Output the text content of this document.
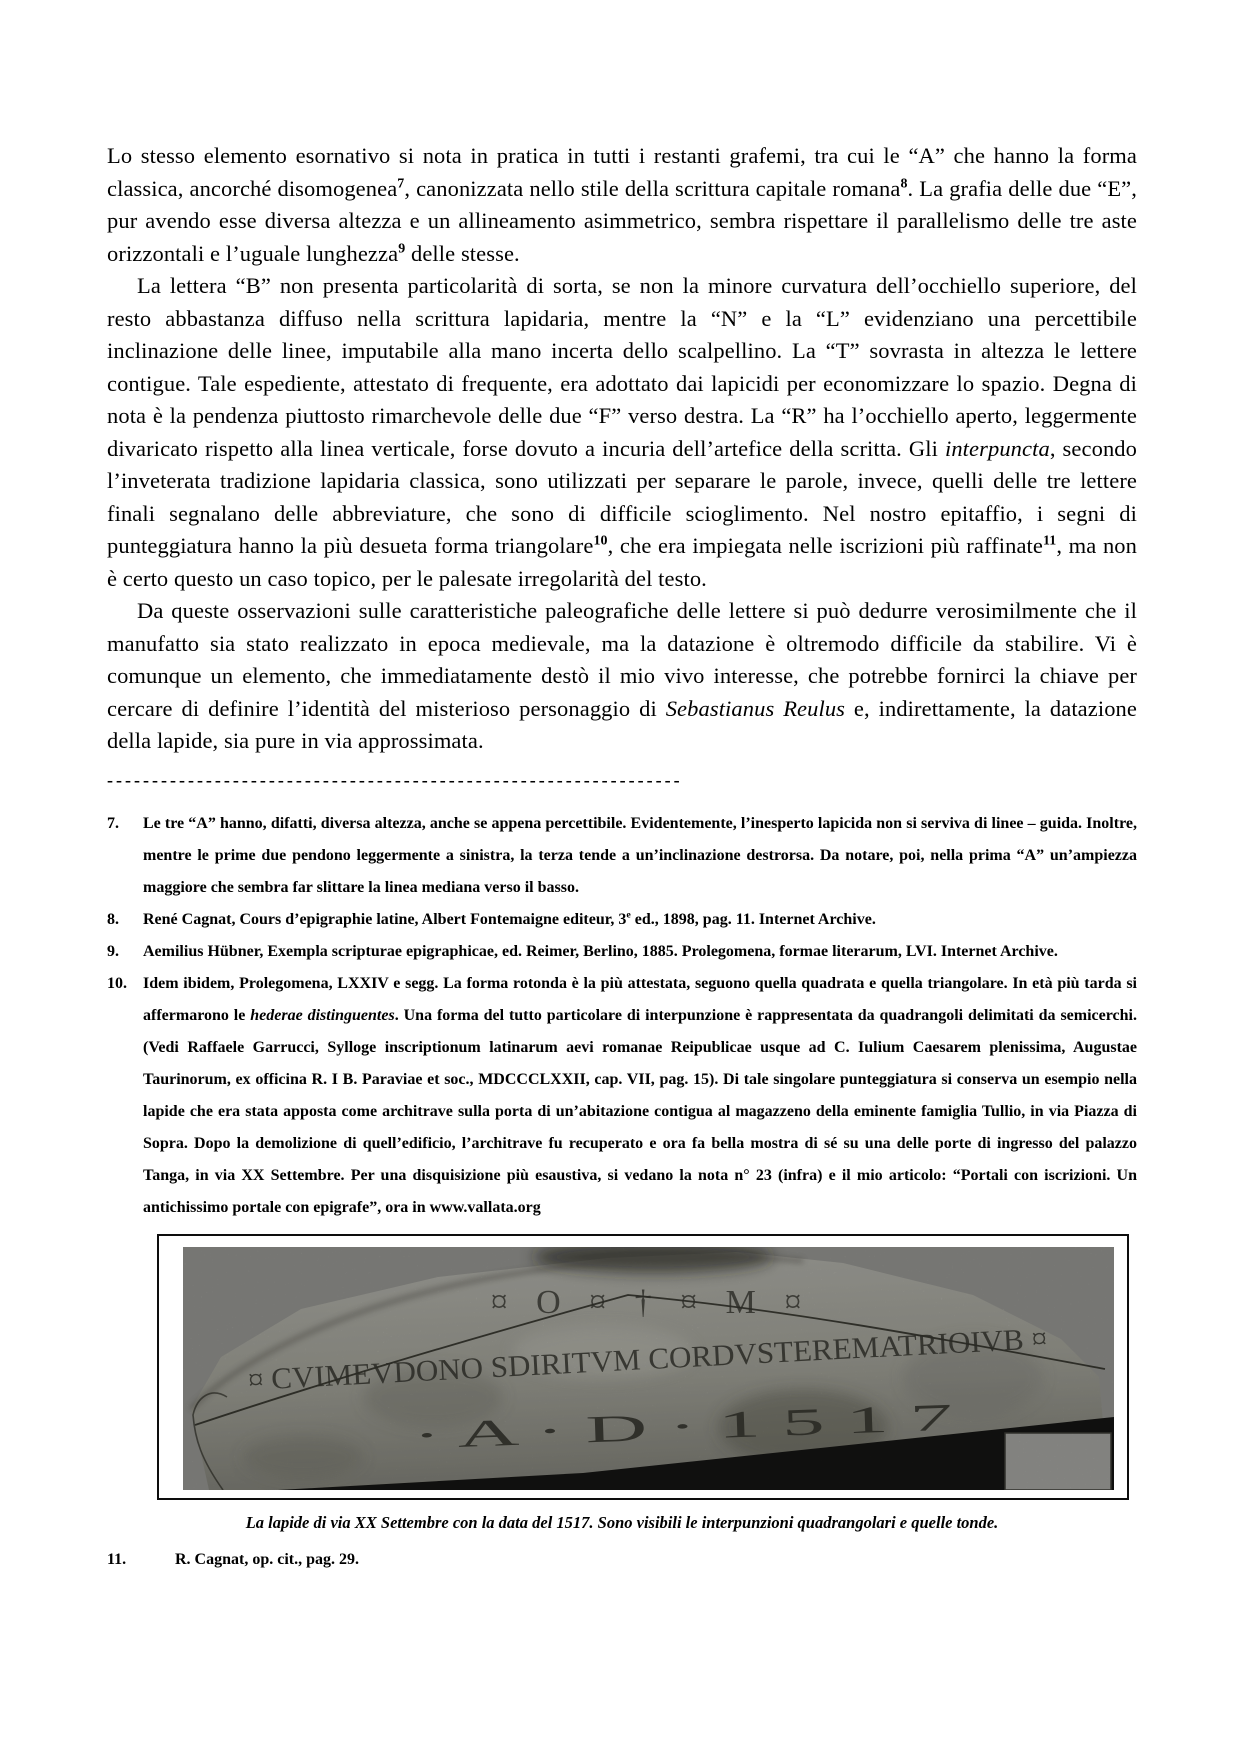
Lo stesso elemento esornativo si nota in pratica in tutti i restanti grafemi, tra cui le “A” che hanno la forma classica, ancorché disomogenea$^7$, canonizzata nello stile della scrittura capitale romana$^8$. La grafia delle due “E”, pur avendo esse diversa altezza e un allineamento asimmetrico, sembra rispettare il parallelismo delle tre aste orizzontali e l’uguale lunghezza$^9$ delle stesse.

La lettera “B” non presenta particolarità di sorta, se non la minore curvatura dell’occhiello superiore, del resto abbastanza diffuso nella scrittura lapidaria, mentre la “N” e la “L” evidenziano una percettibile inclinazione delle linee, imputabile alla mano incerta dello scalpellino. La “T” sovrasta in altezza le lettere contigue. Tale espediente, attestato di frequente, era adottato dai lapicidi per economizzare lo spazio. Degna di nota è la pendenza piuttosto rimarchevole delle due “F” verso destra. La “R” ha l’occhiello aperto, leggermente divaricato rispetto alla linea verticale, forse dovuto a incuria dell’artefice della scritta. Gli interpuncta, secondo l’inveterata tradizione lapidaria classica, sono utilizzati per separare le parole, invece, quelli delle tre lettere finali segnalano delle abbreviature, che sono di difficile scioglimento. Nel nostro epitaffio, i segni di punteggiatura hanno la più desueta forma triangolare$^{10}$, che era impiegata nelle iscrizioni più raffinate$^{11}$, ma non è certo questo un caso topico, per le palesate irregolarità del testo.

Da queste osservazioni sulle caratteristiche paleografiche delle lettere si può dedurre verosimilmente che il manufatto sia stato realizzato in epoca medievale, ma la datazione è oltremodo difficile da stabilire. Vi è comunque un elemento, che immediatamente destò il mio vivo interesse, che potrebbe fornirci la chiave per cercare di definire l’identità del misterioso personaggio di Sebastianus Reulus e, indirettamente, la datazione della lapide, sia pure in via approssimata.

----------------------------------------------------------------
7. Le tre “A” hanno, difatti, diversa altezza, anche se appena percettibile. Evidentemente, l’inesperto lapicida non si serviva di linee – guida. Inoltre, mentre le prime due pendono leggermente a sinistra, la terza tende a un’inclinazione destrorsa. Da notare, poi, nella prima “A” un’ampiezza maggiore che sembra far slittare la linea mediana verso il basso.
8. René Cagnat, Cours d’epigraphie latine, Albert Fontemaigne editeur, 3e ed., 1898, pag. 11. Internet Archive.
9. Aemilius Hübner, Exempla scripturae epigraphicae, ed. Reimer, Berlino, 1885. Prolegomena, formae literarum, LVI. Internet Archive.
10. Idem ibidem, Prolegomena, LXXIV e segg. La forma rotonda è la più attestata, seguono quella quadrata e quella triangolare. In età più tarda si affermarono le hederae distinguentes. Una forma del tutto particolare di interpunzione è rappresentata da quadrangoli delimitati da semicerchi. (Vedi Raffaele Garrucci, Sylloge inscriptionum latinarum aevi romanae Reipublicae usque ad C. Iulium Caesarem plenissima, Augustae Taurinorum, ex officina R. I B. Paraviae et soc., MDCCCLXXII, cap. VII, pag. 15). Di tale singolare punteggiatura si conserva un esempio nella lapide che era stata apposta come architrave sulla porta di un’abitazione contigua al magazzeno della eminente famiglia Tullio, in via Piazza di Sopra. Dopo la demolizione di quell’edificio, l’architrave fu recuperato e ora fa bella mostra di sé su una delle porte di ingresso del palazzo Tanga, in via XX Settembre. Per una disquisizione più esaustiva, si vedano la nota n° 23 (infra) e il mio articolo: “Portali con iscrizioni. Un antichissimo portale con epigrafe”, ora in www.vallata.org
¤ O ¤ † ¤ M ¤
¤ CVIMEVDONO SDIRITVM CORDVSTEREMATRIOIVB ¤
· A · D · 1 5 1 7
La lapide di via XX Settembre con la data del 1517. Sono visibili le interpunzioni quadrangolari e quelle tonde.
11.	R. Cagnat, op. cit., pag. 29.
